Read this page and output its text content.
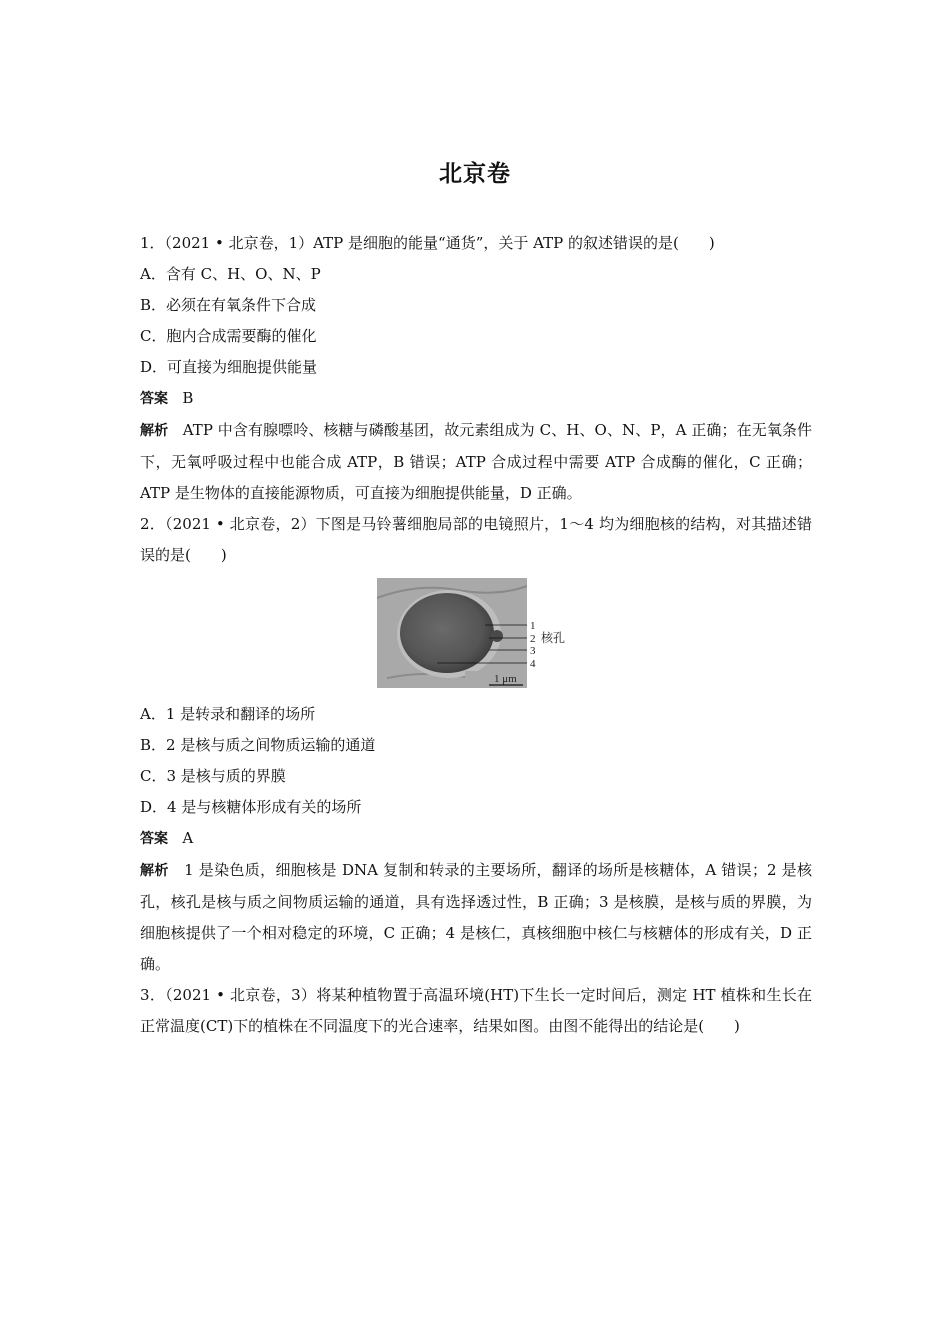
北京卷
1．（2021 • 北京卷，1）ATP 是细胞的能量“通货”，关于 ATP 的叙述错误的是(　　)
A．含有 C、H、O、N、P
B．必须在有氧条件下合成
C．胞内合成需要酶的催化
D．可直接为细胞提供能量
答案 B
解析 ATP 中含有腺嘌呤、核糖与磷酸基团，故元素组成为 C、H、O、N、P，A 正确；在无氧条件下，无氧呼吸过程中也能合成 ATP，B 错误；ATP 合成过程中需要 ATP 合成酶的催化，C 正确；ATP 是生物体的直接能源物质，可直接为细胞提供能量，D 正确。
2．（2021 • 北京卷，2）下图是马铃薯细胞局部的电镜照片，1～4 均为细胞核的结构，对其描述错误的是(　　)
1
2
3
4
核孔
1 μm
A．1 是转录和翻译的场所
B．2 是核与质之间物质运输的通道
C．3 是核与质的界膜
D．4 是与核糖体形成有关的场所
答案 A
解析 1 是染色质，细胞核是 DNA 复制和转录的主要场所，翻译的场所是核糖体，A 错误；2 是核孔，核孔是核与质之间物质运输的通道，具有选择透过性，B 正确；3 是核膜，是核与质的界膜，为细胞核提供了一个相对稳定的环境，C 正确；4 是核仁，真核细胞中核仁与核糖体的形成有关，D 正确。
3．（2021 • 北京卷，3）将某种植物置于高温环境(HT)下生长一定时间后，测定 HT 植株和生长在正常温度(CT)下的植株在不同温度下的光合速率，结果如图。由图不能得出的结论是(　　)
